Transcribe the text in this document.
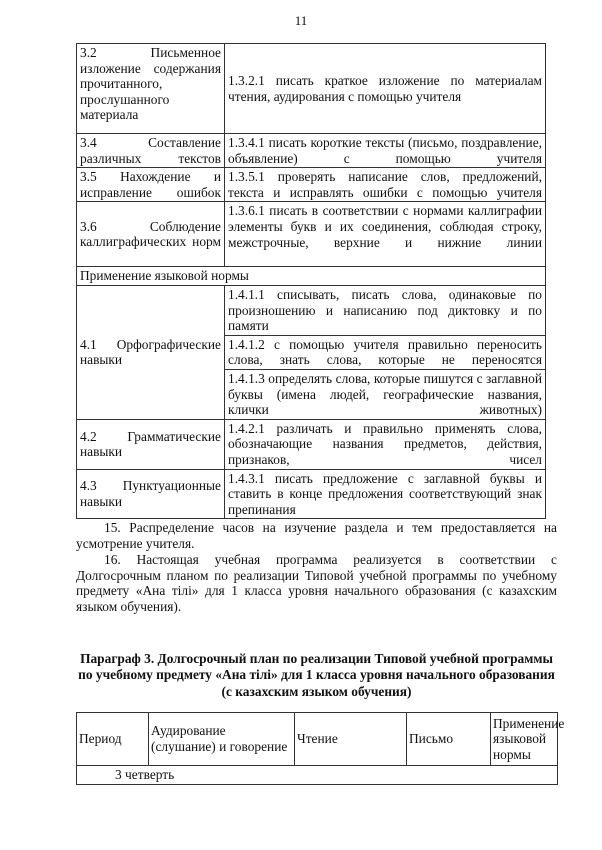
11
3.2 Письменное изложение содержания прочитанного, прослушанного материала	1.3.2.1 писать краткое изложение по материалам чтения, аудирования с помощью учителя
3.4 Составление различных текстов	1.3.4.1 писать короткие тексты (письмо, поздравление, объявление) с помощью учителя
3.5 Нахождение и исправление ошибок	1.3.5.1 проверять написание слов, предложений, текста и исправлять ошибки с помощью учителя
3.6 Соблюдение каллиграфических норм	1.3.6.1 писать в соответствии с нормами каллиграфии элементы букв и их соединения, соблюдая строку, межстрочные, верхние и нижние линии
Применение языковой нормы	
4.1 Орфографические навыки	1.4.1.1 списывать, писать слова, одинаковые по произношению и написанию под диктовку и по памяти
	1.4.1.2 с помощью учителя правильно переносить слова, знать слова, которые не переносятся
	1.4.1.3 определять слова, которые пишутся с заглавной буквы (имена людей, географические названия, клички животных)
4.2 Грамматические навыки	1.4.2.1 различать и правильно применять слова, обозначающие названия предметов, действия, признаков, чисел
4.3 Пунктуационные навыки	1.4.3.1 писать предложение с заглавной буквы и ставить в конце предложения соответствующий знак препинания
15. Распределение часов на изучение раздела и тем предоставляется на усмотрение учителя.
16. Настоящая учебная программа реализуется в соответствии с Долгосрочным планом по реализации Типовой учебной программы по учебному предмету «Ана тілі» для 1 класса уровня начального образования (с казахским языком обучения).
Параграф 3. Долгосрочный план по реализации Типовой учебной программы по учебному предмету «Ана тілі» для 1 класса уровня начального образования (с казахским языком обучения)
Период	Аудирование (слушание) и говорение	Чтение	Письмо	Применение языковой нормы
3 четверть
